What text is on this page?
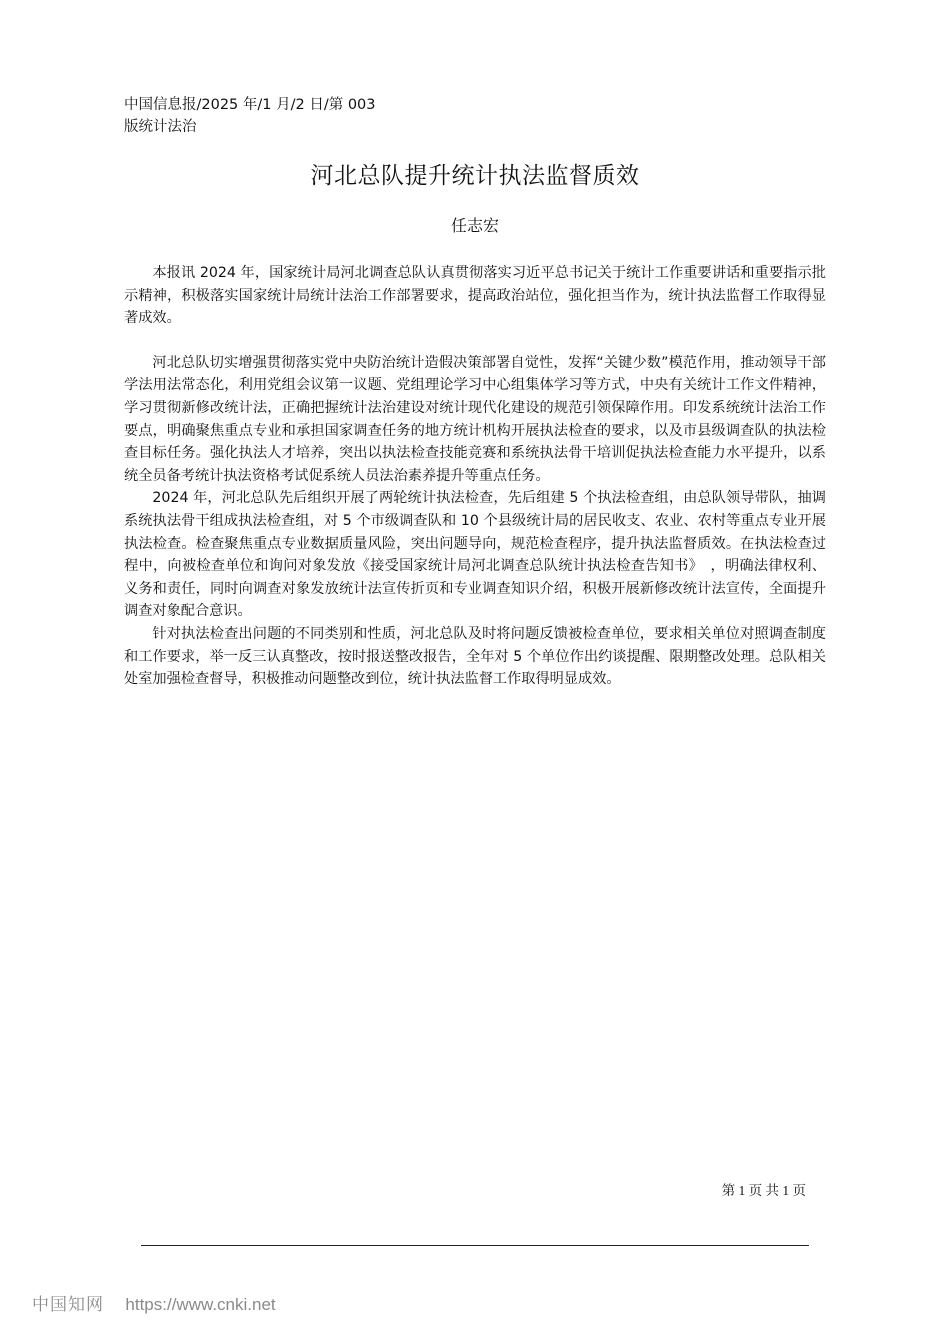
中国信息报/2025 年/1 月/2 日/第 003
版统计法治
河北总队提升统计执法监督质效
任志宏

本报讯 2024 年，国家统计局河北调查总队认真贯彻落实习近平总书记关于统计工作重要讲话和重要指示批示精神，积极落实国家统计局统计法治工作部署要求，提高政治站位，强化担当作为，统计执法监督工作取得显著成效。

河北总队切实增强贯彻落实党中央防治统计造假决策部署自觉性，发挥“关键少数”模范作用，推动领导干部学法用法常态化，利用党组会议第一议题、党组理论学习中心组集体学习等方式，中央有关统计工作文件精神，学习贯彻新修改统计法，正确把握统计法治建设对统计现代化建设的规范引领保障作用。印发系统统计法治工作要点，明确聚焦重点专业和承担国家调查任务的地方统计机构开展执法检查的要求，以及市县级调查队的执法检查目标任务。强化执法人才培养，突出以执法检查技能竞赛和系统执法骨干培训促执法检查能力水平提升，以系统全员备考统计执法资格考试促系统人员法治素养提升等重点任务。

2024 年，河北总队先后组织开展了两轮统计执法检查，先后组建 5 个执法检查组，由总队领导带队，抽调系统执法骨干组成执法检查组，对 5 个市级调查队和 10 个县级统计局的居民收支、农业、农村等重点专业开展执法检查。检查聚焦重点专业数据质量风险，突出问题导向，规范检查程序，提升执法监督质效。在执法检查过程中，向被检查单位和询问对象发放《接受国家统计局河北调查总队统计执法检查告知书》　，明确法律权利、义务和责任，同时向调查对象发放统计法宣传折页和专业调查知识介绍，积极开展新修改统计法宣传，全面提升调查对象配合意识。

针对执法检查出问题的不同类别和性质，河北总队及时将问题反馈被检查单位，要求相关单位对照调查制度和工作要求，举一反三认真整改，按时报送整改报告，全年对 5 个单位作出约谈提醒、限期整改处理。总队相关处室加强检查督导，积极推动问题整改到位，统计执法监督工作取得明显成效。

第 1 页 共 1 页
中国知网 https://www.cnki.net
